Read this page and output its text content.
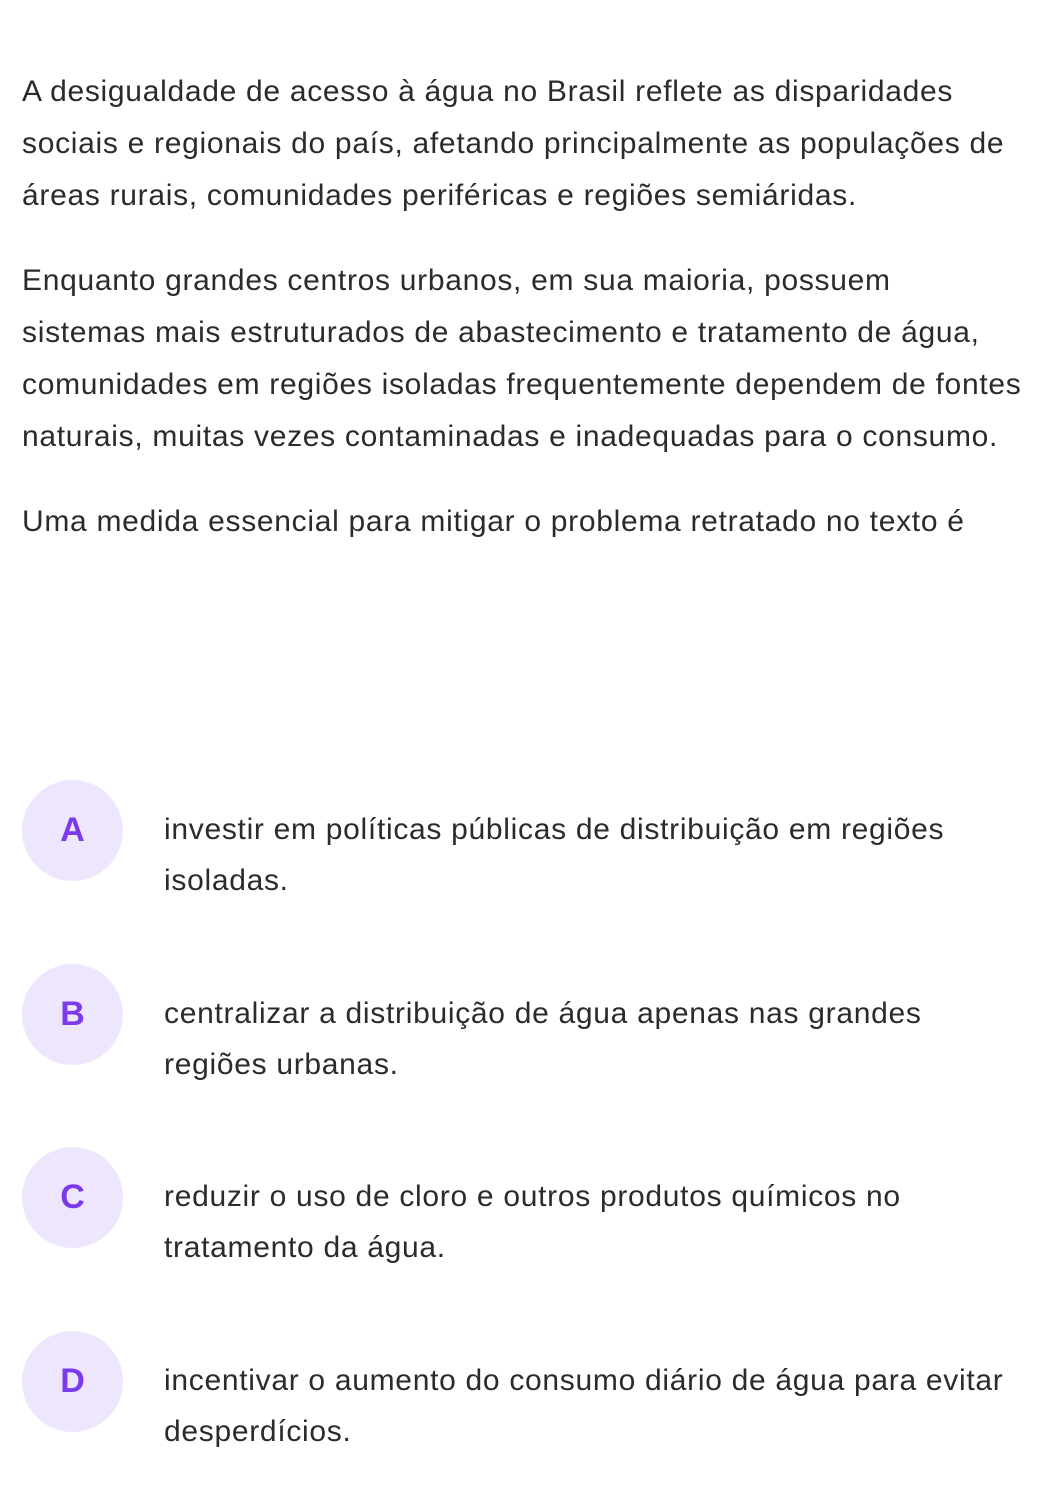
A desigualdade de acesso à água no Brasil reflete as disparidades sociais e regionais do país, afetando principalmente as populações de áreas rurais, comunidades periféricas e regiões semiáridas.

Enquanto grandes centros urbanos, em sua maioria, possuem sistemas mais estruturados de abastecimento e tratamento de água, comunidades em regiões isoladas frequentemente dependem de fontes naturais, muitas vezes contaminadas e inadequadas para o consumo.

Uma medida essencial para mitigar o problema retratado no texto é

A	investir em políticas públicas de distribuição em regiões isoladas.
B	centralizar a distribuição de água apenas nas grandes regiões urbanas.
C	reduzir o uso de cloro e outros produtos químicos no tratamento da água.
D	incentivar o aumento do consumo diário de água para evitar desperdícios.
